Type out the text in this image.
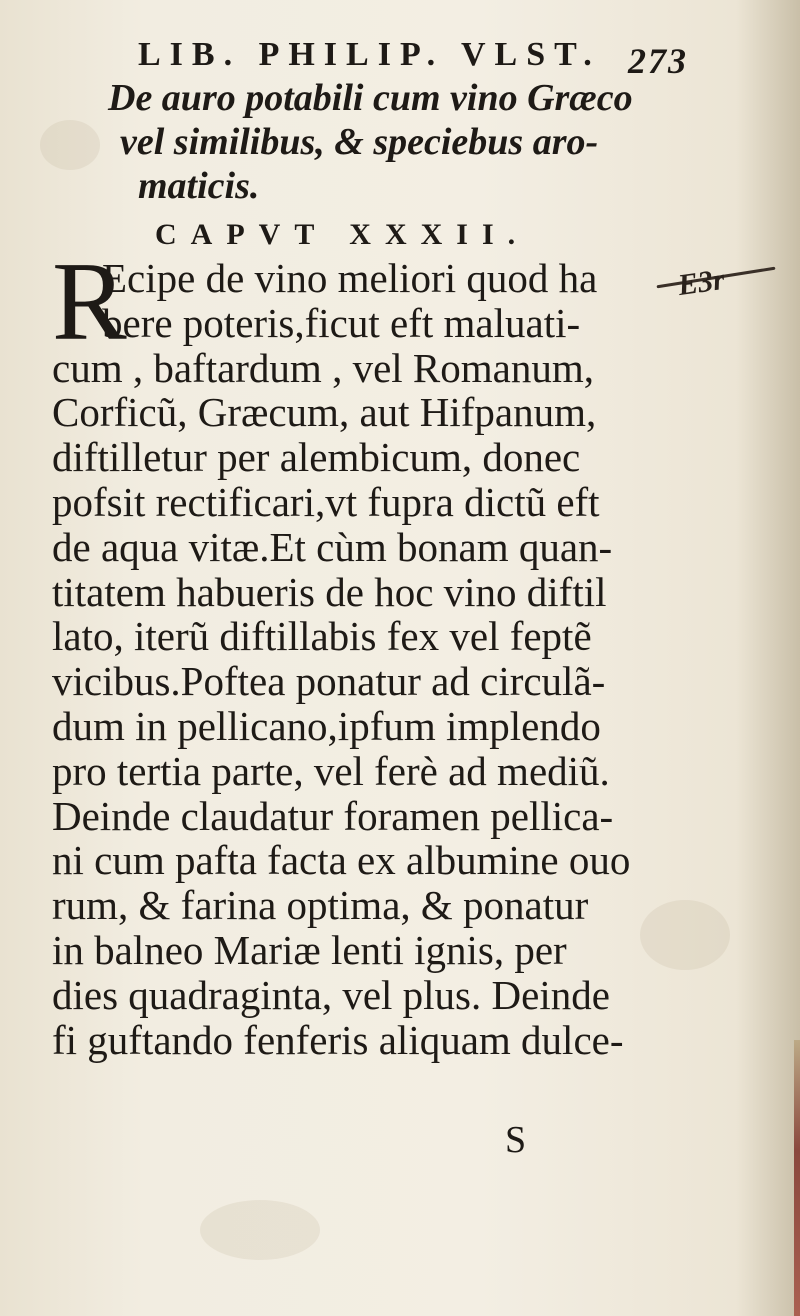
LIB. PHILIP. VLST. 273
De auro potabili cum vino Græco
vel similibus, & speciebus aro-
maticis.
CAPVT XXXII.
R
Ecipe de vino meliori quod ha
bere poteris,ficut eft maluati-
cum , baftardum , vel Romanum,
Corficũ, Græcum, aut Hifpanum,
diftilletur per alembicum, donec
pofsit rectificari,vt fupra dictũ eft
de aqua vitæ.Et cùm bonam quan-
titatem habueris de hoc vino diftil
lato, iterũ diftillabis fex vel feptẽ
vicibus.Poftea ponatur ad circulã-
dum in pellicano,ipfum implendo
pro tertia parte, vel ferè ad mediũ.
Deinde claudatur foramen pellica-
ni cum pafta facta ex albumine ouo
rum, & farina optima, & ponatur
in balneo Mariæ lenti ignis, per
dies quadraginta, vel plus. Deinde
fi guftando fenferis aliquam dulce-
E3r
S
